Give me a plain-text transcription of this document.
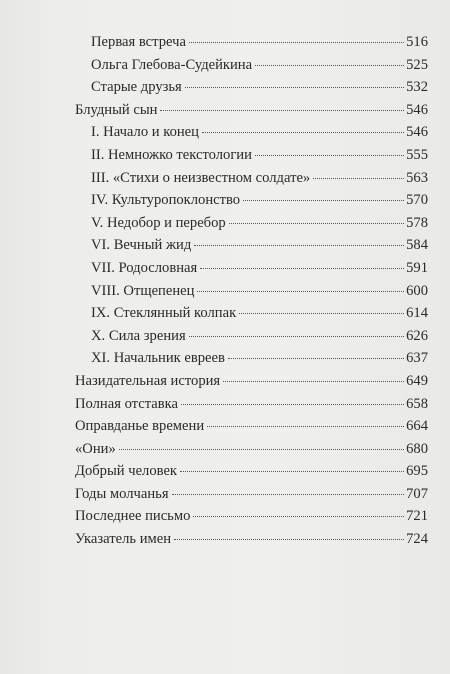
Первая встреча	516
Ольга Глебова-Судейкина	525
Старые друзья	532
Блудный сын	546
I. Начало и конец	546
II. Немножко текстологии	555
III. «Стихи о неизвестном солдате»	563
IV. Культуропоклонство	570
V. Недобор и перебор	578
VI. Вечный жид	584
VII. Родословная	591
VIII. Отщепенец	600
IX. Стеклянный колпак	614
X. Сила зрения	626
XI. Начальник евреев	637
Назидательная история	649
Полная отставка	658
Оправданье времени	664
«Они»	680
Добрый человек	695
Годы молчанья	707
Последнее письмо	721
Указатель имен	724
